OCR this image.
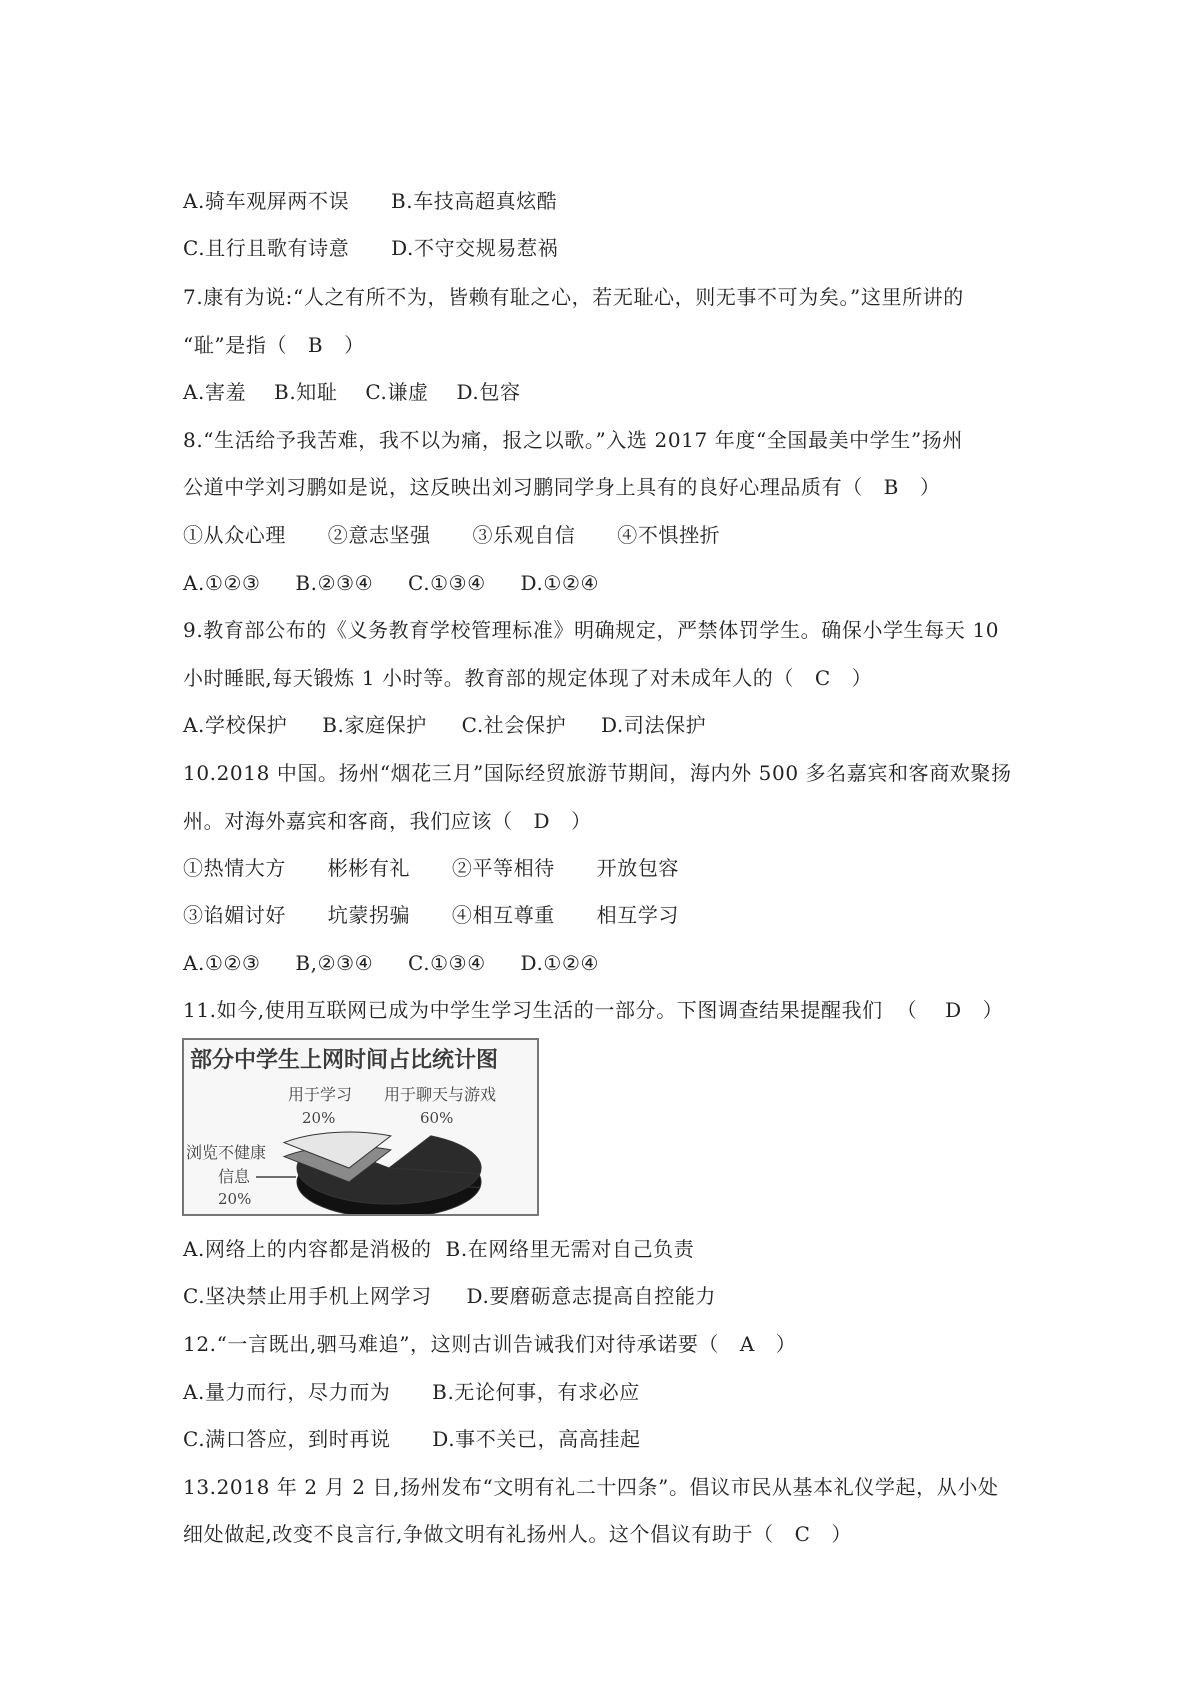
A.骑车观屏两不误      B.车技高超真炫酷
C.且行且歌有诗意      D.不守交规易惹祸
7.康有为说:“人之有所不为，皆赖有耻之心，若无耻心，则无事不可为矣。”这里所讲的
“耻”是指（   B   ）
A.害羞    B.知耻    C.谦虚    D.包容
8.“生活给予我苦难，我不以为痛，报之以歌。”入选 2017 年度“全国最美中学生”扬州
公道中学刘习鹏如是说，这反映出刘习鹏同学身上具有的良好心理品质有（   B   ）
①从众心理      ②意志坚强      ③乐观自信      ④不惧挫折
A.①②③     B.②③④     C.①③④     D.①②④
9.教育部公布的《义务教育学校管理标准》明确规定，严禁体罚学生。确保小学生每天 10
小时睡眠,每天锻炼 1 小时等。教育部的规定体现了对未成年人的（   C   ）
A.学校保护     B.家庭保护     C.社会保护     D.司法保护
10.2018 中国。扬州“烟花三月”国际经贸旅游节期间，海内外 500 多名嘉宾和客商欢聚扬
州。对海外嘉宾和客商，我们应该（   D   ）
①热情大方      彬彬有礼      ②平等相待      开放包容
③谄媚讨好      坑蒙拐骗      ④相互尊重      相互学习
A.①②③     B,②③④     C.①③④     D.①②④
11.如今,使用互联网已成为中学生学习生活的一部分。下图调查结果提醒我们  （    D   ）
部分中学生上网时间占比统计图
用于学习
20%
用于聊天与游戏
60%
浏览不健康
信息
20%
A.网络上的内容都是消极的  B.在网络里无需对自己负责
C.坚决禁止用手机上网学习     D.要磨砺意志提高自控能力
12.“一言既出,驷马难追”，这则古训告诫我们对待承诺要（   A   ）
A.量力而行，尽力而为      B.无论何事，有求必应
C.满口答应，到时再说      D.事不关已，高高挂起
13.2018 年 2 月 2 日,扬州发布“文明有礼二十四条”。倡议市民从基本礼仪学起，从小处
细处做起,改变不良言行,争做文明有礼扬州人。这个倡议有助于（   C   ）
